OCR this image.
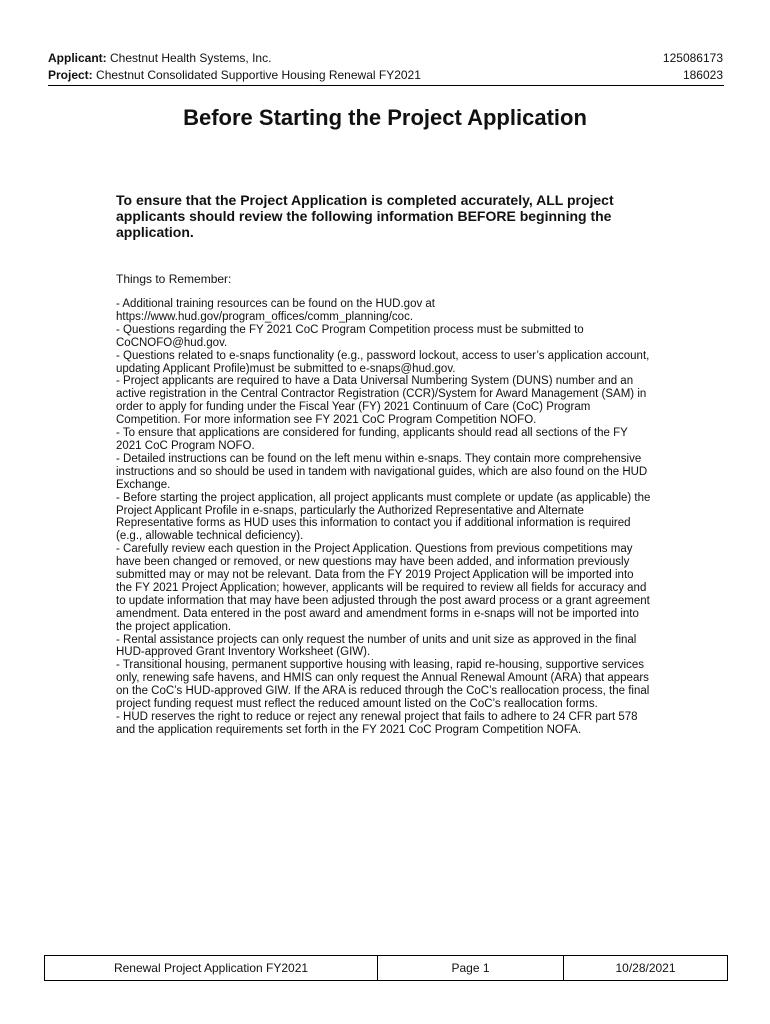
Applicant: Chestnut Health Systems, Inc.	125086173
Project: Chestnut Consolidated Supportive Housing Renewal FY2021	186023
Before Starting the Project Application
To ensure that the Project Application is completed accurately, ALL project applicants should review the following information BEFORE beginning the application.
Things to Remember:

- Additional training resources can be found on the HUD.gov at https://www.hud.gov/program_offices/comm_planning/coc.

- Questions regarding the FY 2021 CoC Program Competition process must be submitted to CoCNOFO@hud.gov.

- Questions related to e-snaps functionality (e.g., password lockout, access to user’s application account, updating Applicant Profile)must be submitted to e-snaps@hud.gov.

- Project applicants are required to have a Data Universal Numbering System (DUNS) number and an active registration in the Central Contractor Registration (CCR)/System for Award Management (SAM) in order to apply for funding under the Fiscal Year (FY) 2021 Continuum of Care (CoC) Program Competition. For more information see FY 2021 CoC Program Competition NOFO.

- To ensure that applications are considered for funding, applicants should read all sections of the FY 2021 CoC Program NOFO.

- Detailed instructions can be found on the left menu within e-snaps. They contain more comprehensive instructions and so should be used in tandem with navigational guides, which are also found on the HUD Exchange.

- Before starting the project application, all project applicants must complete or update (as applicable) the Project Applicant Profile in e-snaps, particularly the Authorized Representative and Alternate Representative forms as HUD uses this information to contact you if additional information is required (e.g., allowable technical deficiency).

- Carefully review each question in the Project Application. Questions from previous competitions may have been changed or removed, or new questions may have been added, and information previously submitted may or may not be relevant. Data from the FY 2019 Project Application will be imported into the FY 2021 Project Application; however, applicants will be required to review all fields for accuracy and to update information that may have been adjusted through the post award process or a grant agreement amendment. Data entered in the post award and amendment forms in e-snaps will not be imported into the project application.

- Rental assistance projects can only request the number of units and unit size as approved in the final HUD-approved Grant Inventory Worksheet (GIW).

- Transitional housing, permanent supportive housing with leasing, rapid re-housing, supportive services only, renewing safe havens, and HMIS can only request the Annual Renewal Amount (ARA) that appears on the CoC’s HUD-approved GIW. If the ARA is reduced through the CoC’s reallocation process, the final project funding request must reflect the reduced amount listed on the CoC’s reallocation forms.

- HUD reserves the right to reduce or reject any renewal project that fails to adhere to 24 CFR part 578 and the application requirements set forth in the FY 2021 CoC Program Competition NOFA.

Renewal Project Application FY2021	Page 1	10/28/2021
